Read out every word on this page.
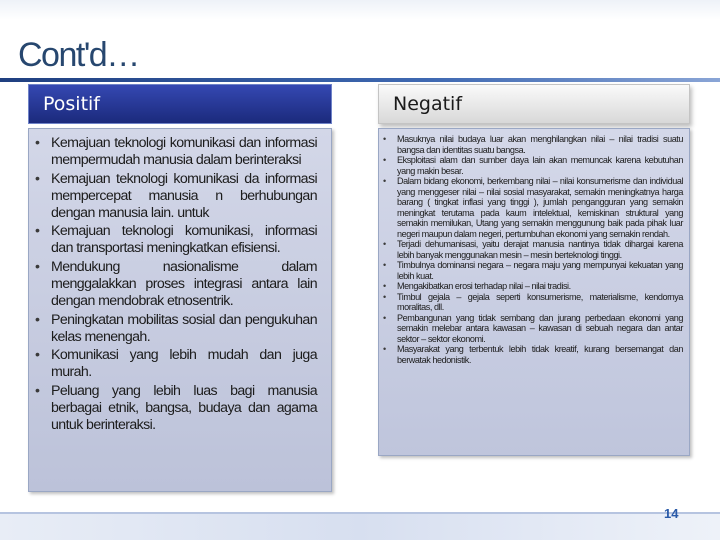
Cont'd…
Positif	Negatif
• Kemajuan teknologi komunikasi dan informasi mempermudah manusia dalam berinteraksi
• Kemajuan teknologi komunikasi da informasi mempercepat manusia n berhubungan dengan manusia lain. untuk
• Kemajuan teknologi komunikasi, informasi dan transportasi meningkatkan efisiensi.
• Mendukung nasionalisme dalam menggalakkan proses integrasi antara lain dengan mendobrak etnosentrik.
• Peningkatan mobilitas sosial dan pengukuhan kelas menengah.
• Komunikasi yang lebih mudah dan juga murah.
• Peluang yang lebih luas bagi manusia berbagai etnik, bangsa, budaya dan agama untuk berinteraksi.
• Masuknya nilai budaya luar akan menghilangkan nilai – nilai tradisi suatu bangsa dan identitas suatu bangsa.
• Eksploitasi alam dan sumber daya lain akan memuncak karena kebutuhan yang makin besar.
• Dalam bidang ekonomi, berkembang nilai – nilai konsumerisme dan individual yang menggeser nilai – nilai sosial masyarakat, semakin meningkatnya harga barang ( tingkat inflasi yang tinggi ), jumlah pengangguran yang semakin meningkat terutama pada kaum intelektual, kemiskinan struktural yang semakin memilukan, Utang yang semakin menggunung baik pada pihak luar negeri maupun dalam negeri, pertumbuhan ekonomi yang semakin rendah.
• Terjadi dehumanisasi, yaitu derajat manusia nantinya tidak dihargai karena lebih banyak menggunakan mesin – mesin berteknologi tinggi.
• Timbulnya dominansi negara – negara maju yang mempunyai kekuatan yang lebih kuat.
• Mengakibatkan erosi terhadap nilai – nilai tradisi.
• Timbul gejala – gejala seperti konsumerisme, materialisme, kendornya moralitas, dll.
• Pembangunan yang tidak sembang dan jurang perbedaan ekonomi yang semakin melebar antara kawasan – kawasan di sebuah negara dan antar sektor – sektor ekonomi.
• Masyarakat yang terbentuk lebih tidak kreatif, kurang bersemangat dan berwatak hedonistik.
14
